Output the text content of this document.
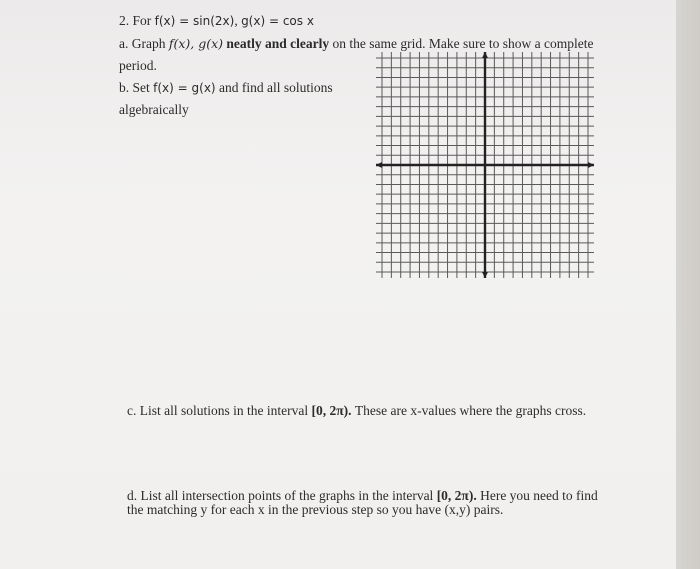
2. For f(x) = sin(2x), g(x) = cos x
a. Graph f(x), g(x) neatly and clearly on the same grid. Make sure to show a complete
period.
b. Set f(x) = g(x) and find all solutions
algebraically
c. List all solutions in the interval [0, 2π). These are x-values where the graphs cross.
d. List all intersection points of the graphs in the interval [0, 2π). Here you need to find
the matching y for each x in the previous step so you have (x,y) pairs.
